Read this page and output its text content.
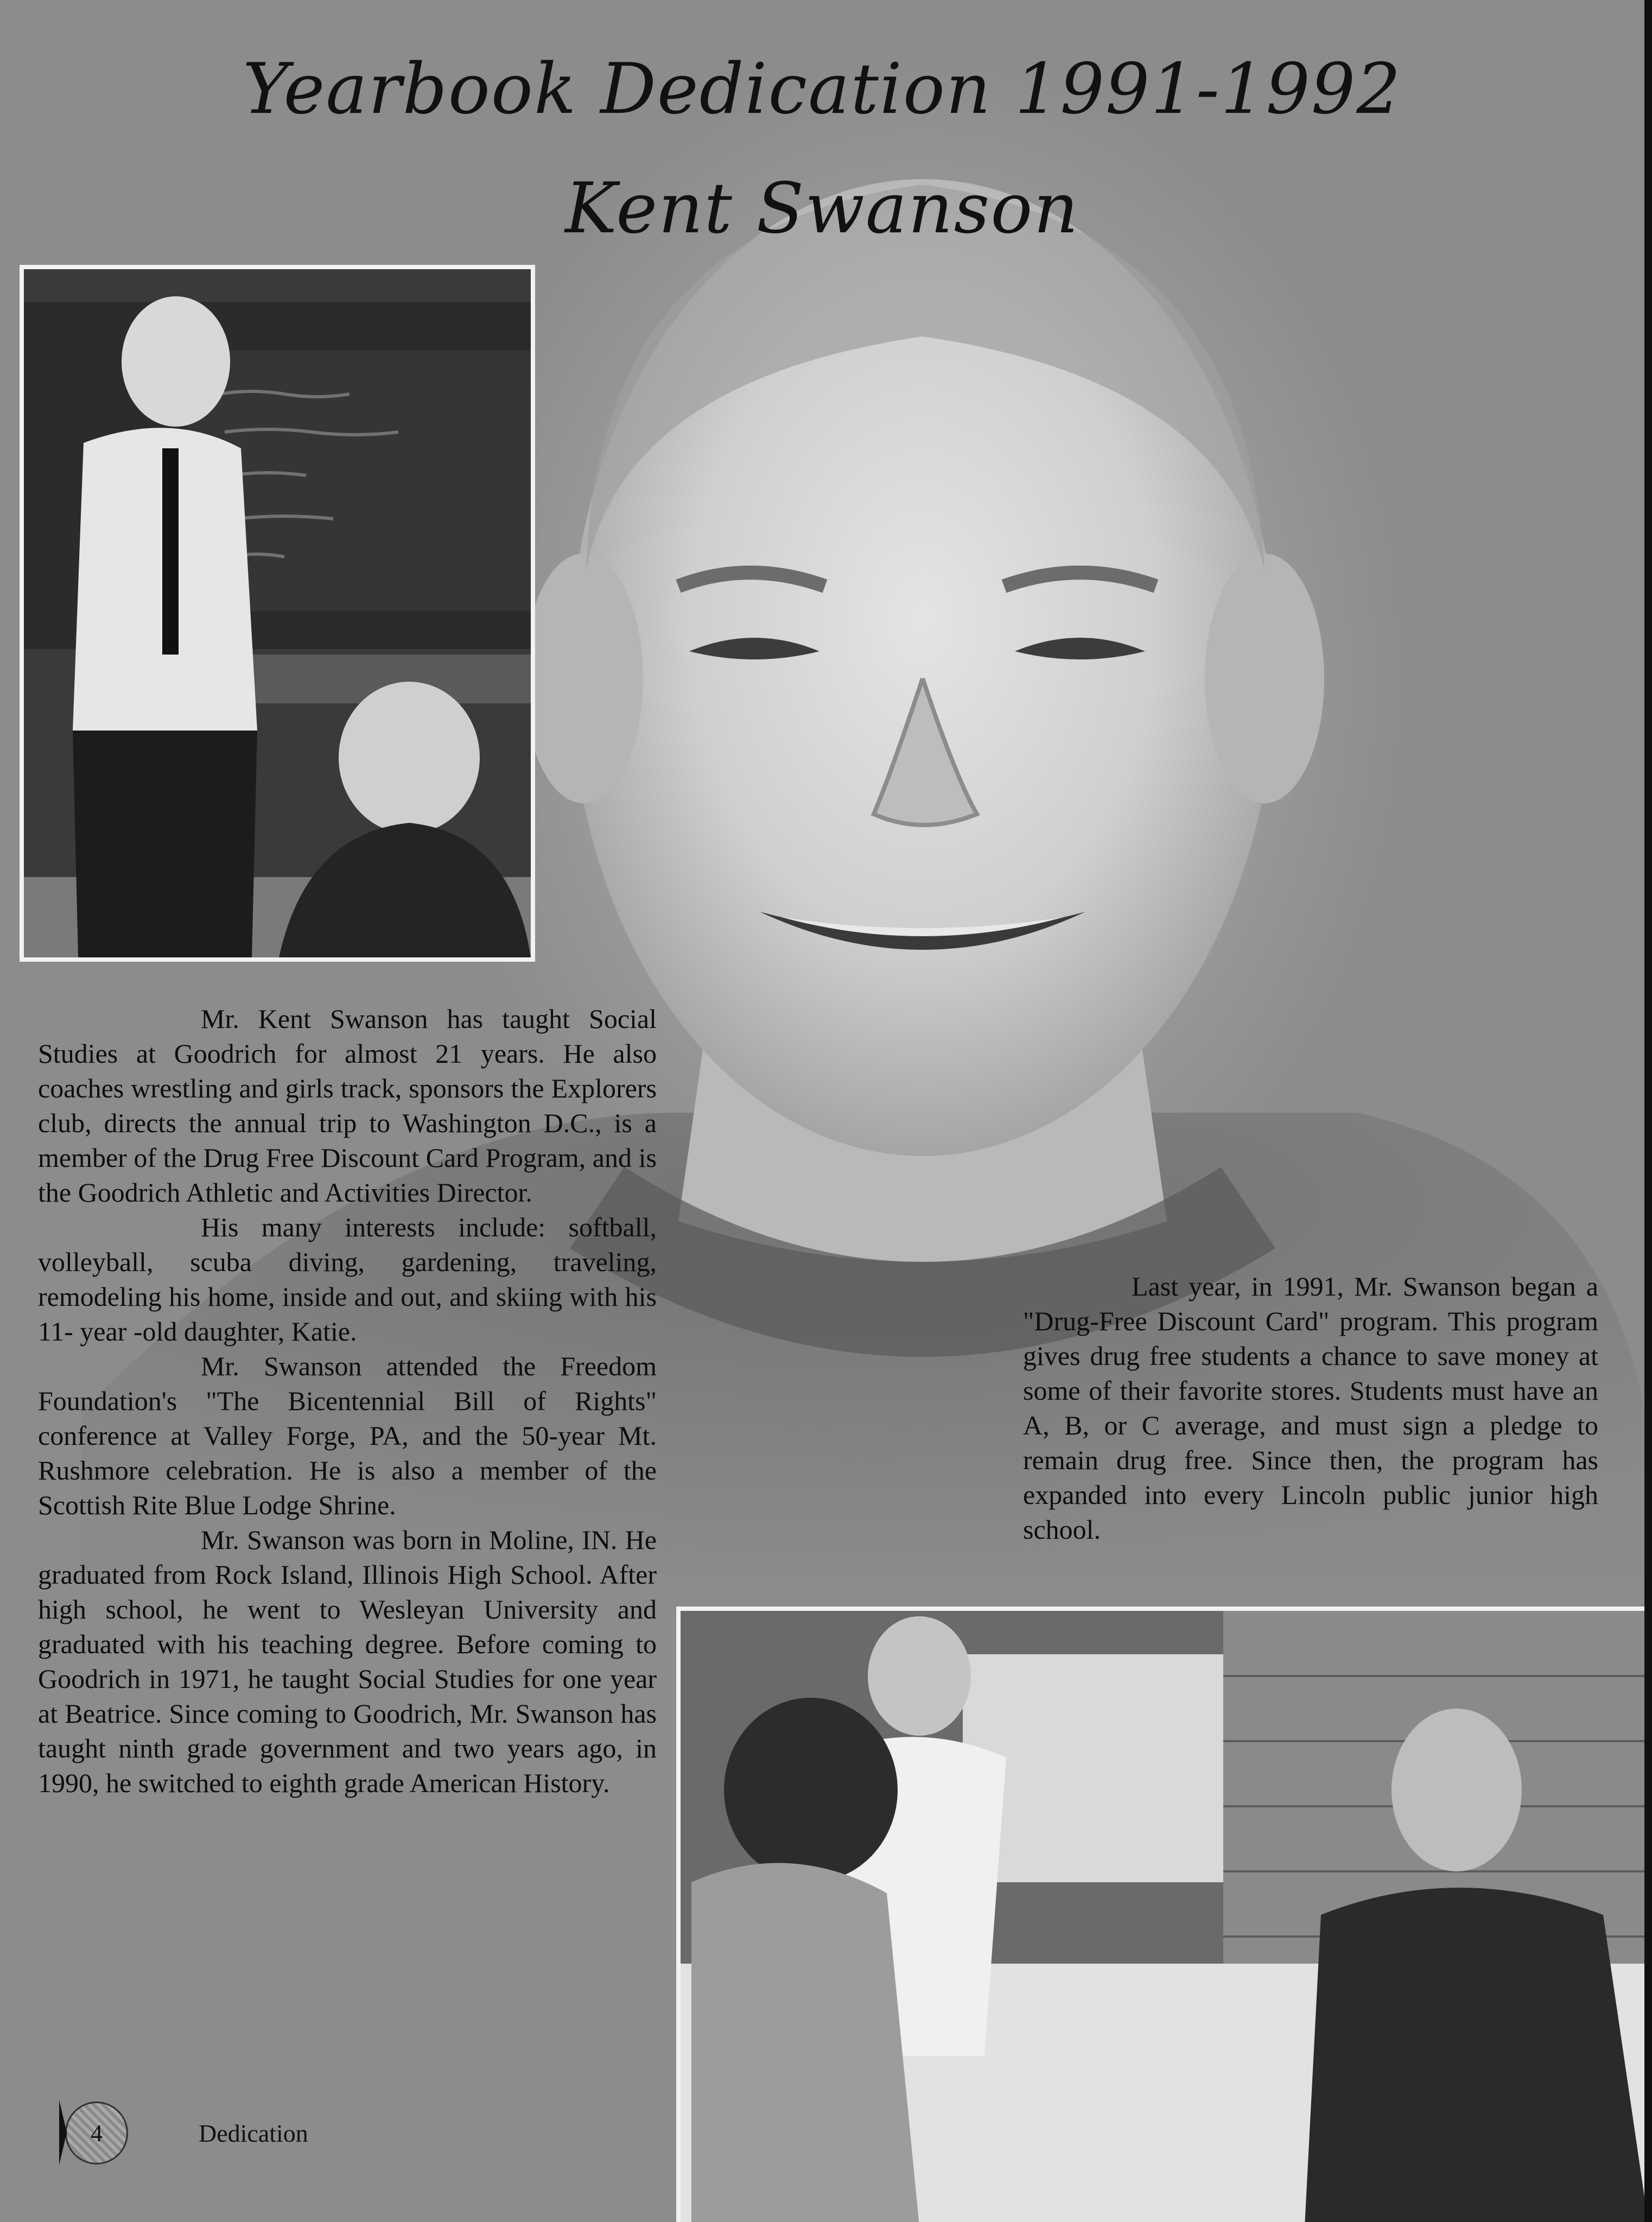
Yearbook Dedication 1991-1992
Kent Swanson

Mr. Kent Swanson has taught Social Studies at Goodrich for almost 21 years. He also coaches wrestling and girls track, sponsors the Explorers club, directs the annual trip to Washington D.C., is a member of the Drug Free Discount Card Program, and is the Goodrich Athletic and Activities Director.

His many interests include: softball, volleyball, scuba diving, gardening, traveling, remodeling his home, inside and out, and skiing with his 11- year -old daughter, Katie.

Mr. Swanson attended the Freedom Foundation's "The Bicentennial Bill of Rights" conference at Valley Forge, PA, and the 50-year Mt. Rushmore celebration. He is also a member of the Scottish Rite Blue Lodge Shrine.

Mr. Swanson was born in Moline, IN. He graduated from Rock Island, Illinois High School. After high school, he went to Wesleyan University and graduated with his teaching degree. Before coming to Goodrich in 1971, he taught Social Studies for one year at Beatrice. Since coming to Goodrich, Mr. Swanson has taught ninth grade government and two years ago, in 1990, he switched to eighth grade American History.

Last year, in 1991, Mr. Swanson began a "Drug-Free Discount Card" program. This program gives drug free students a chance to save money at some of their favorite stores. Students must have an A, B, or C average, and must sign a pledge to remain drug free. Since then, the program has expanded into every Lincoln public junior high school.

4	Dedication
